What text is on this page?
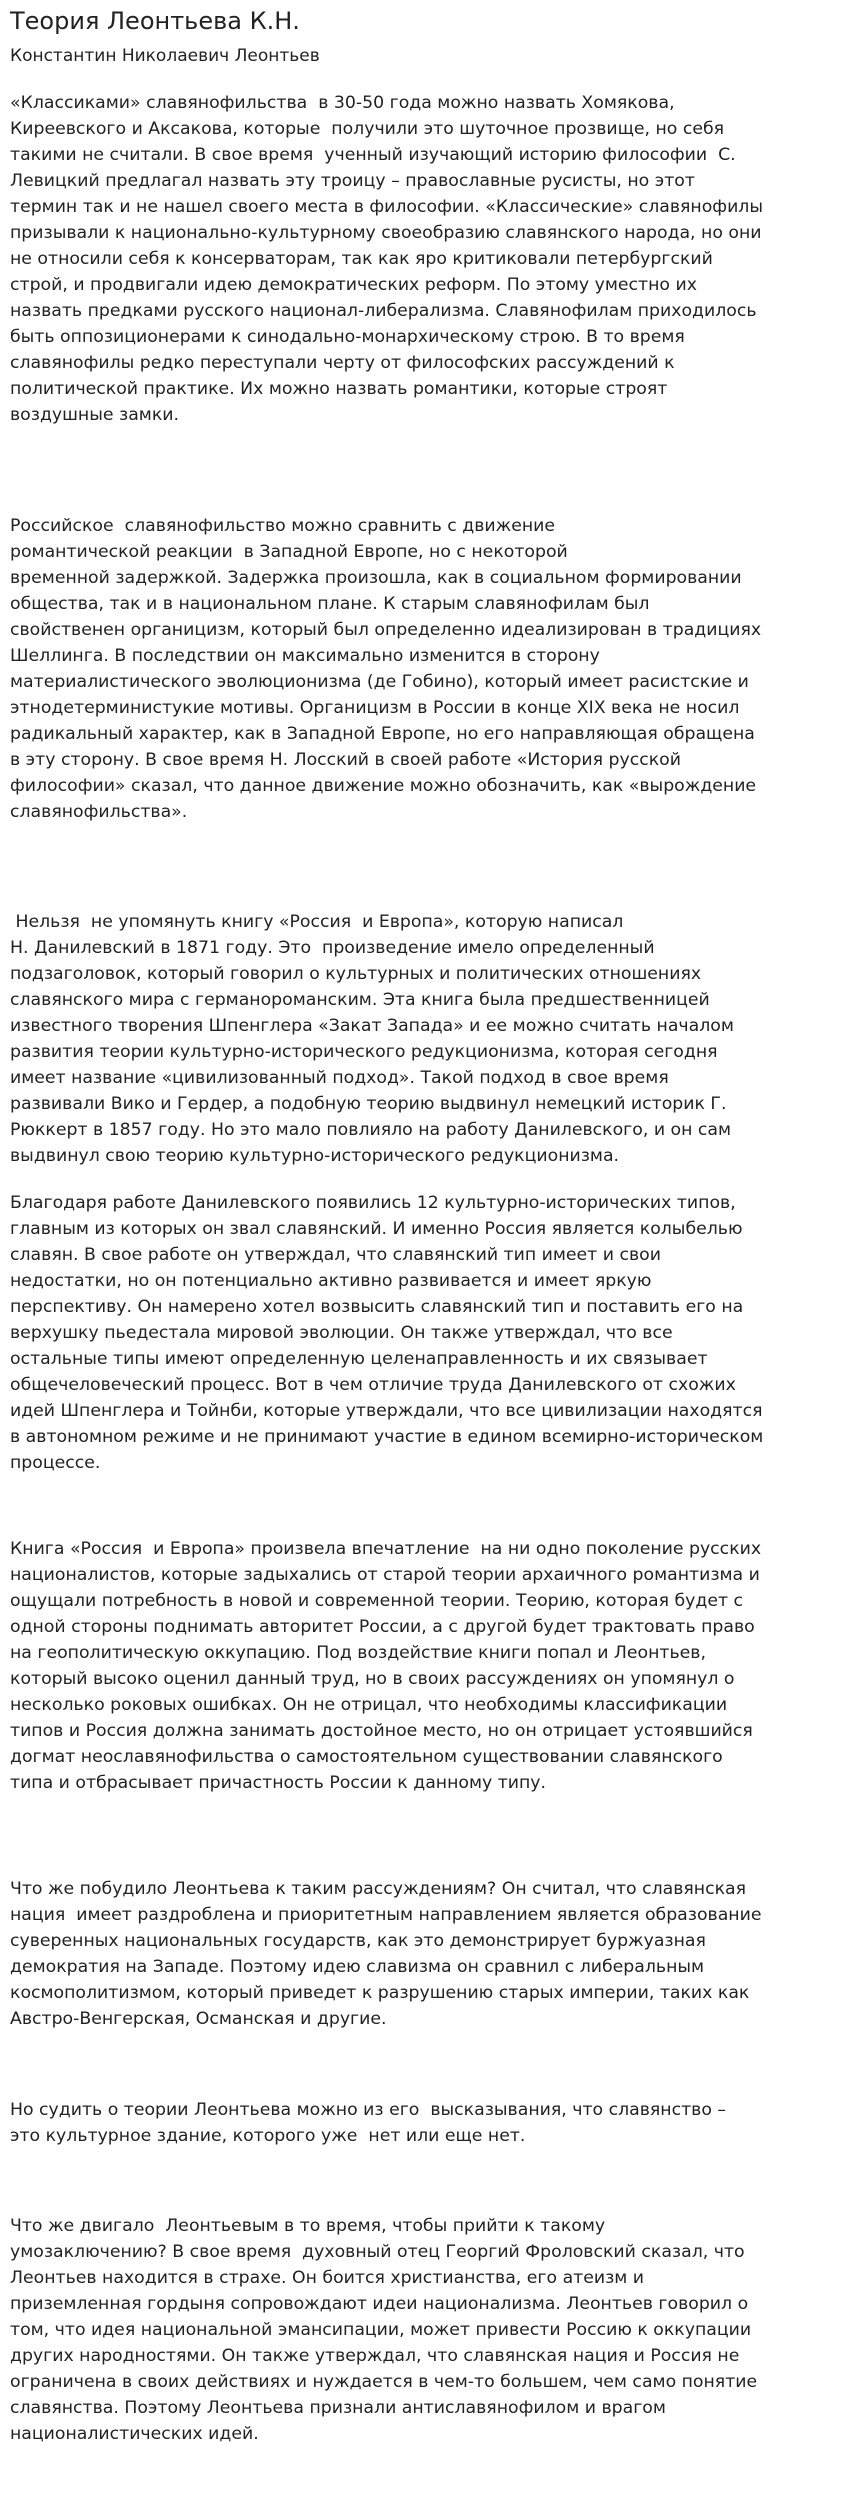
Теория Леонтьева К.Н.
Константин Николаевич Леонтьев
«Классиками» славянофильства  в 30-50 года можно назвать Хомякова,
Киреевского и Аксакова, которые  получили это шуточное прозвище, но себя
такими не считали. В свое время  ученный изучающий историю философии  С.
Левицкий предлагал назвать эту троицу – православные русисты, но этот
термин так и не нашел своего места в философии. «Классические» славянофилы
призывали к национально-культурному своеобразию славянского народа, но они
не относили себя к консерваторам, так как яро критиковали петербургский
строй, и продвигали идею демократических реформ. По этому уместно их
назвать предками русского национал-либерализма. Славянофилам приходилось
быть оппозиционерами к синодально-монархическому строю. В то время
славянофилы редко переступали черту от философских рассуждений к
политической практике. Их можно назвать романтики, которые строят
воздушные замки.
Российское  славянофильство можно сравнить с движение
романтической реакции  в Западной Европе, но с некоторой
временной задержкой. Задержка произошла, как в социальном формировании
общества, так и в национальном плане. К старым славянофилам был
свойственен органицизм, который был определенно идеализирован в традициях
Шеллинга. В последствии он максимально изменится в сторону
материалистического эволюционизма (де Гобино), который имеет расистские и
этнодетерминистукие мотивы. Органицизм в России в конце XIX века не носил
радикальный характер, как в Западной Европе, но его направляющая обращена
в эту сторону. В свое время Н. Лосский в своей работе «История русской
философии» сказал, что данное движение можно обозначить, как «вырождение
славянофильства».
Нельзя  не упомянуть книгу «Россия  и Европа», которую написал
Н. Данилевский в 1871 году. Это  произведение имело определенный
подзаголовок, который говорил о культурных и политических отношениях
славянского мира с германороманским. Эта книга была предшественницей
известного творения Шпенглера «Закат Запада» и ее можно считать началом
развития теории культурно-исторического редукционизма, которая сегодня
имеет название «цивилизованный подход». Такой подход в свое время
развивали Вико и Гердер, а подобную теорию выдвинул немецкий историк Г.
Рюккерт в 1857 году. Но это мало повлияло на работу Данилевского, и он сам
выдвинул свою теорию культурно-исторического редукционизма.
Благодаря работе Данилевского появились 12 культурно-исторических типов,
главным из которых он звал славянский. И именно Россия является колыбелью
славян. В свое работе он утверждал, что славянский тип имеет и свои
недостатки, но он потенциально активно развивается и имеет яркую
перспективу. Он намерено хотел возвысить славянский тип и поставить его на
верхушку пьедестала мировой эволюции. Он также утверждал, что все
остальные типы имеют определенную целенаправленность и их связывает
общечеловеческий процесс. Вот в чем отличие труда Данилевского от схожих
идей Шпенглера и Тойнби, которые утверждали, что все цивилизации находятся
в автономном режиме и не принимают участие в едином всемирно-историческом
процессе.
Книга «Россия  и Европа» произвела впечатление  на ни одно поколение русских
националистов, которые задыхались от старой теории архаичного романтизма и
ощущали потребность в новой и современной теории. Теорию, которая будет с
одной стороны поднимать авторитет России, а с другой будет трактовать право
на геополитическую оккупацию. Под воздействие книги попал и Леонтьев,
который высоко оценил данный труд, но в своих рассуждениях он упомянул о
несколько роковых ошибках. Он не отрицал, что необходимы классификации
типов и Россия должна занимать достойное место, но он отрицает устоявшийся
догмат неославянофильства о самостоятельном существовании славянского
типа и отбрасывает причастность России к данному типу.
Что же побудило Леонтьева к таким рассуждениям? Он считал, что славянская
нация  имеет раздроблена и приоритетным направлением является образование
суверенных национальных государств, как это демонстрирует буржуазная
демократия на Западе. Поэтому идею славизма он сравнил с либеральным
космополитизмом, который приведет к разрушению старых империи, таких как
Австро-Венгерская, Османская и другие.
Но судить о теории Леонтьева можно из его  высказывания, что славянство –
это культурное здание, которого уже  нет или еще нет.
Что же двигало  Леонтьевым в то время, чтобы прийти к такому
умозаключению? В свое время  духовный отец Георгий Фроловский сказал, что
Леонтьев находится в страхе. Он боится христианства, его атеизм и
приземленная гордыня сопровождают идеи национализма. Леонтьев говорил о
том, что идея национальной эмансипации, может привести Россию к оккупации
других народностями. Он также утверждал, что славянская нация и Россия не
ограничена в своих действиях и нуждается в чем-то большем, чем само понятие
славянства. Поэтому Леонтьева признали антиславянофилом и врагом
националистических идей.
